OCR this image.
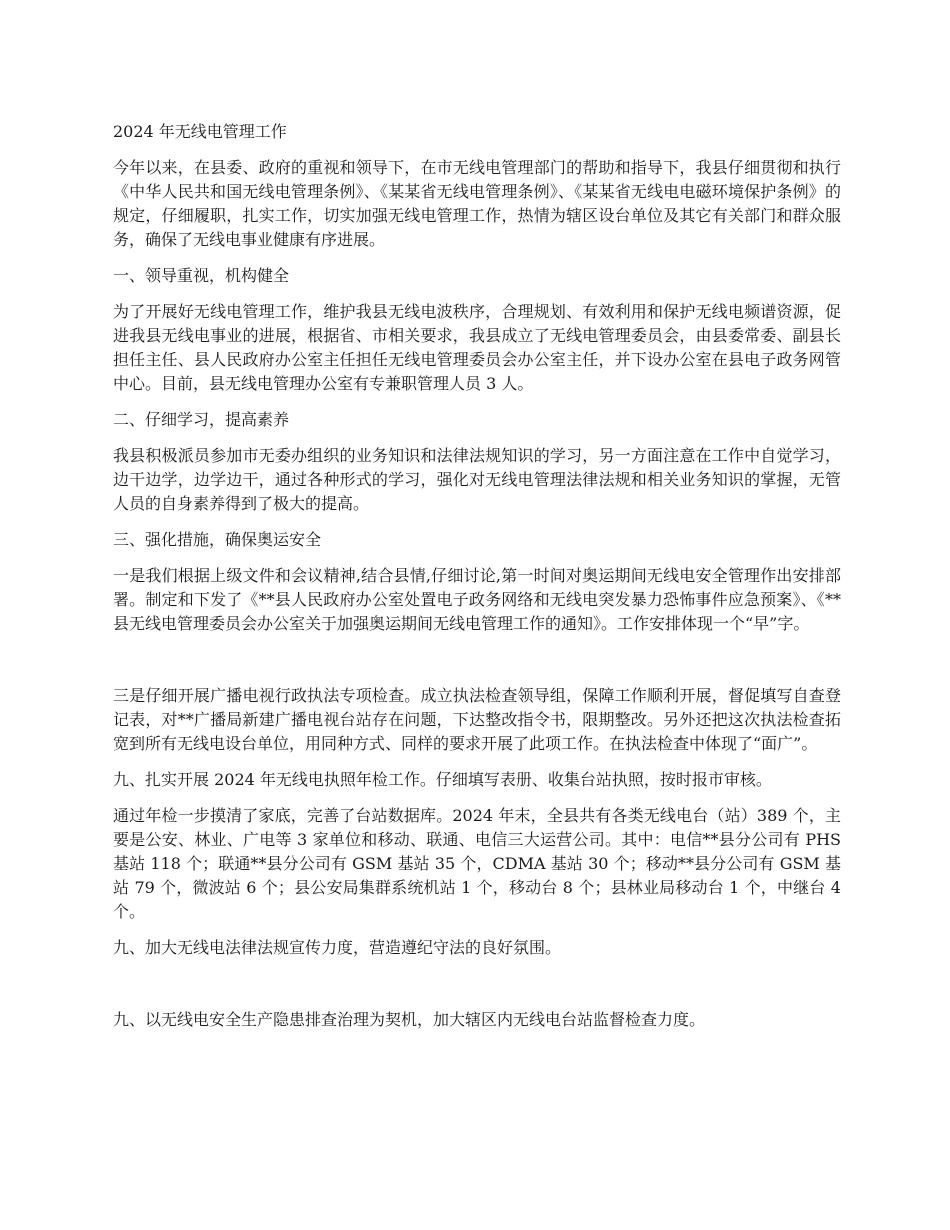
2024 年无线电管理工作

今年以来，在县委、政府的重视和领导下，在市无线电管理部门的帮助和指导下，我县仔细贯彻和执行《中华人民共和国无线电管理条例》、《某某省无线电管理条例》、《某某省无线电电磁环境保护条例》的规定，仔细履职，扎实工作，切实加强无线电管理工作，热情为辖区设台单位及其它有关部门和群众服务，确保了无线电事业健康有序进展。

一、领导重视，机构健全

为了开展好无线电管理工作，维护我县无线电波秩序，合理规划、有效利用和保护无线电频谱资源，促进我县无线电事业的进展，根据省、市相关要求，我县成立了无线电管理委员会，由县委常委、副县长担任主任、县人民政府办公室主任担任无线电管理委员会办公室主任，并下设办公室在县电子政务网管中心。目前，县无线电管理办公室有专兼职管理人员 3 人。

二、仔细学习，提高素养

我县积极派员参加市无委办组织的业务知识和法律法规知识的学习，另一方面注意在工作中自觉学习，边干边学，边学边干，通过各种形式的学习，强化对无线电管理法律法规和相关业务知识的掌握，无管人员的自身素养得到了极大的提高。

三、强化措施，确保奥运安全

一是我们根据上级文件和会议精神,结合县情,仔细讨论,第一时间对奥运期间无线电安全管理作出安排部署。制定和下发了《**县人民政府办公室处置电子政务网络和无线电突发暴力恐怖事件应急预案》、《**县无线电管理委员会办公室关于加强奥运期间无线电管理工作的通知》。工作安排体现一个“早”字。

三是仔细开展广播电视行政执法专项检查。成立执法检查领导组，保障工作顺利开展，督促填写自查登记表，对**广播局新建广播电视台站存在问题，下达整改指令书，限期整改。另外还把这次执法检查拓宽到所有无线电设台单位，用同种方式、同样的要求开展了此项工作。在执法检查中体现了“面广”。

九、扎实开展 2024 年无线电执照年检工作。仔细填写表册、收集台站执照，按时报市审核。

通过年检一步摸清了家底，完善了台站数据库。2024 年末，全县共有各类无线电台（站）389 个，主要是公安、林业、广电等 3 家单位和移动、联通、电信三大运营公司。其中：电信**县分公司有 PHS 基站 118 个；联通**县分公司有 GSM 基站 35 个，CDMA 基站 30 个；移动**县分公司有 GSM 基站 79 个，微波站 6 个；县公安局集群系统机站 1 个，移动台 8 个；县林业局移动台 1 个，中继台 4 个。

九、加大无线电法律法规宣传力度，营造遵纪守法的良好氛围。

九、以无线电安全生产隐患排查治理为契机，加大辖区内无线电台站监督检查力度。
